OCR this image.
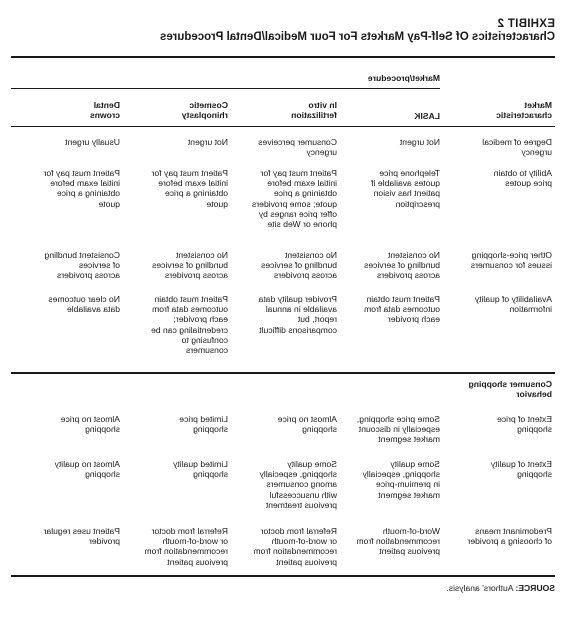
EXHIBIT 2
Characteristics Of Self-Pay Markets For Four Medical/Dental Procedures
Market/procedure
Market
characteristic
LASIK
In vitro
fertilization
Cosmetic
rhinoplasty
Dental
crowns
Degree of medical
urgency
Not urgent
Consumer perceives
urgency
Not urgent
Usually urgent
Ability to obtain
price quotes
Telephone price
quotes available if
patient has vision
prescription
Patient must pay for
initial exam before
obtaining a price
quote; some providers
offer price ranges by
phone or Web site
Patient must pay for
initial exam before
obtaining a price
quote
Patient must pay for
initial exam before
obtaining a price
quote
Other price-shopping
issues for consumers
No consistent
bundling of services
across providers
No consistent
bundling of services
across providers
No consistent
bundling of services
across providers
Consistent bundling
of services
across providers
Availability of quality
information
Patient must obtain
outcomes data from
each provider
Provider quality data
available in annual
report, but
comparisons difficult
Patient must obtain
outcomes data from
each provider;
credentialing can be
confusing to
consumers
No clear outcomes
data available
Consumer shopping
behavior
Extent of price
shopping
Some price shopping,
especially in discount
market segment
Almost no price
shopping
Limited price
shopping
Almost no price
shopping
Extent of quality
shopping
Some quality
shopping, especially
in premium-price
market segment
Some quality
shopping, especially
among consumers
with unsuccessful
previous treatment
Limited quality
shopping
Almost no quality
shopping
Predominant means
of choosing a provider
Word-of-mouth
recommendation from
previous patient
Referral from doctor
or word-of-mouth
recommendation from
previous patient
Referral from doctor
or word-of-mouth
recommendation from
previous patient
Patient uses regular
provider
SOURCE: Authors' analysis.
